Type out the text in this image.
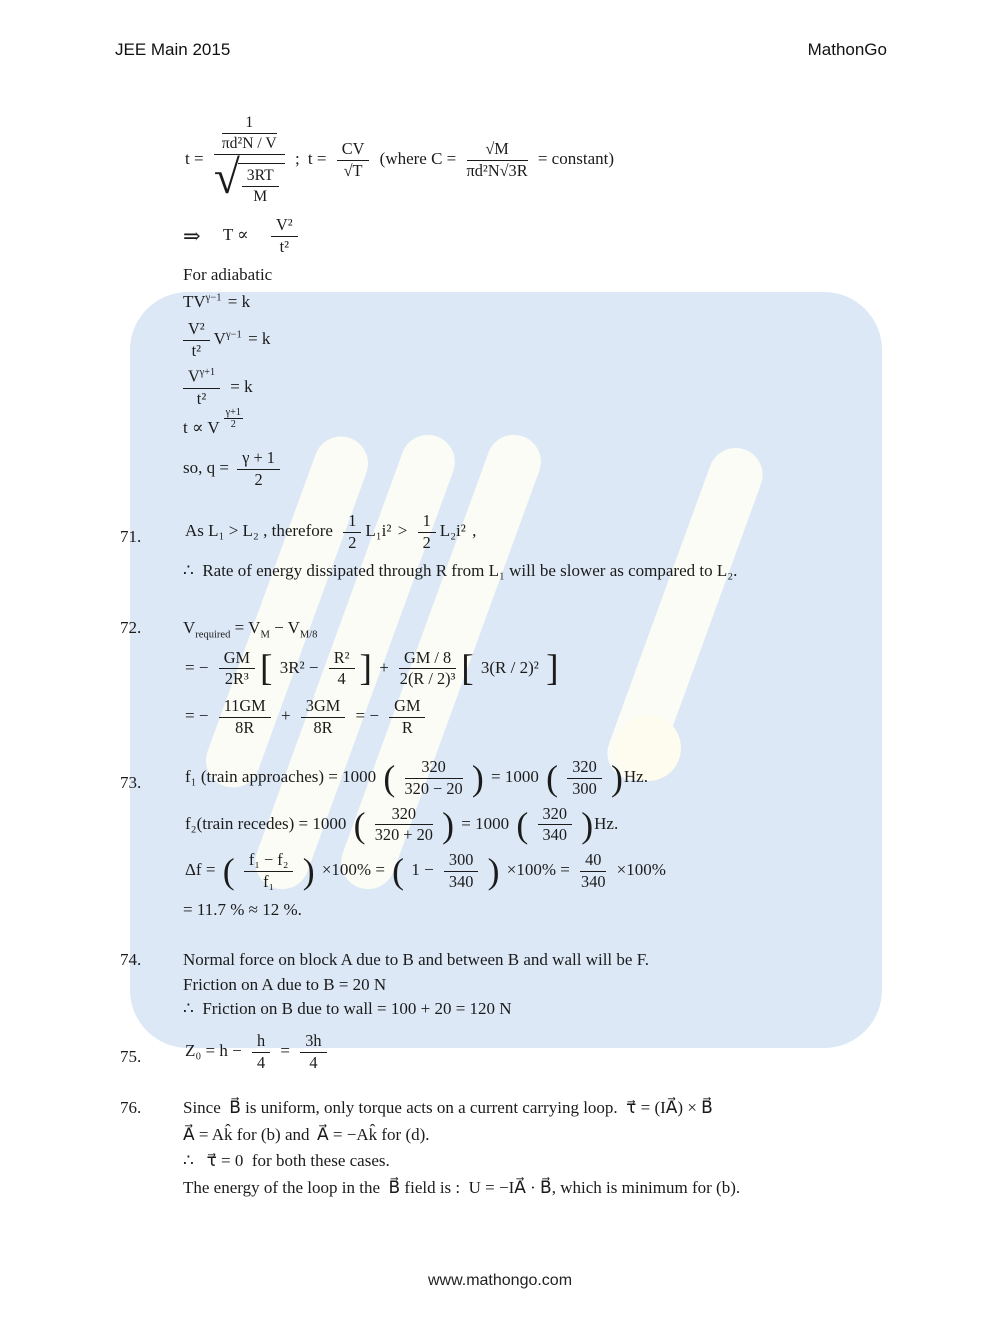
JEE Main 2015	MathonGo
t =
$\frac{1}{\text{πd²N / V}}$
√ $\frac{3RT}{M}$
; $t = \frac{CV}{√T}$ (where $C = \frac{√M}{\text{πd²N√3R}}$ = constant)
⇒ $T \propto \frac{\text{V²}}{\text{t²}}$
For adiabatic
$TV^{\gamma-1} = k$
$\frac{\text{V²}}{\text{t²}} V^{\gamma-1} = k$
$\frac{V^{\gamma+1}}{\text{t²}} = k$
t ∝ V $\frac{\gamma+1}{2}$
so, $q = \frac{\gamma + 1}{2}$
71.	As L₁ > L₂ , therefore $\frac{1}{2} L_1i^2 > \frac{1}{2} L_2i^2$ ,
∴  Rate of energy dissipated through R from L₁ will be slower as compared to L₂.
72.	$V_{required} = V_M - V_{M/8}$
= − $\frac{GM}{\text{2R³}}$ [ $3R^2 - \frac{\text{R²}}{4}$ ] + $\frac{GM / 8}{\text{2(R / 2)³}}$ [ 3(R / 2)² ]
= − $\frac{11GM}{8R} + \frac{3GM}{8R}$ = − $\frac{GM}{R}$
73.	f₁ (train approaches) = 1000 ( $\frac{320}{320 - 20}$ ) = 1000 ( $\frac{320}{300} )Hz$.
f₂(train recedes) = 1000 ( $\frac{320}{320 + 20}$ ) = 1000 ( $\frac{320}{340} )Hz$.
Δf = ( $\frac{\text{f₁ − f₂}}{\text{f₁}}$ ) ×100% = ( $1 - \frac{300}{340}$ ) $\times 100\% = \frac{40}{340} \times 100\%$
= 11.7 % ≈ 12 %.
74.	Normal force on block A due to B and between B and wall will be F.
Friction on A due to B = 20 N
∴  Friction on B due to wall = 100 + 20 = 120 N
75.	$Z_0 = h - \frac{h}{4} = \frac{3h}{4}$
76.	Since  B⃗ is uniform, only torque acts on a current carrying loop.  τ⃗ = (IA⃗) × B⃗
A⃗ = Ak̂ for (b) and  A⃗ = −Ak̂ for (d).
∴   τ⃗ = 0  for both these cases.
The energy of the loop in the  B⃗ field is :  U = −IA⃗ · B⃗, which is minimum for (b).
www.mathongo.com
